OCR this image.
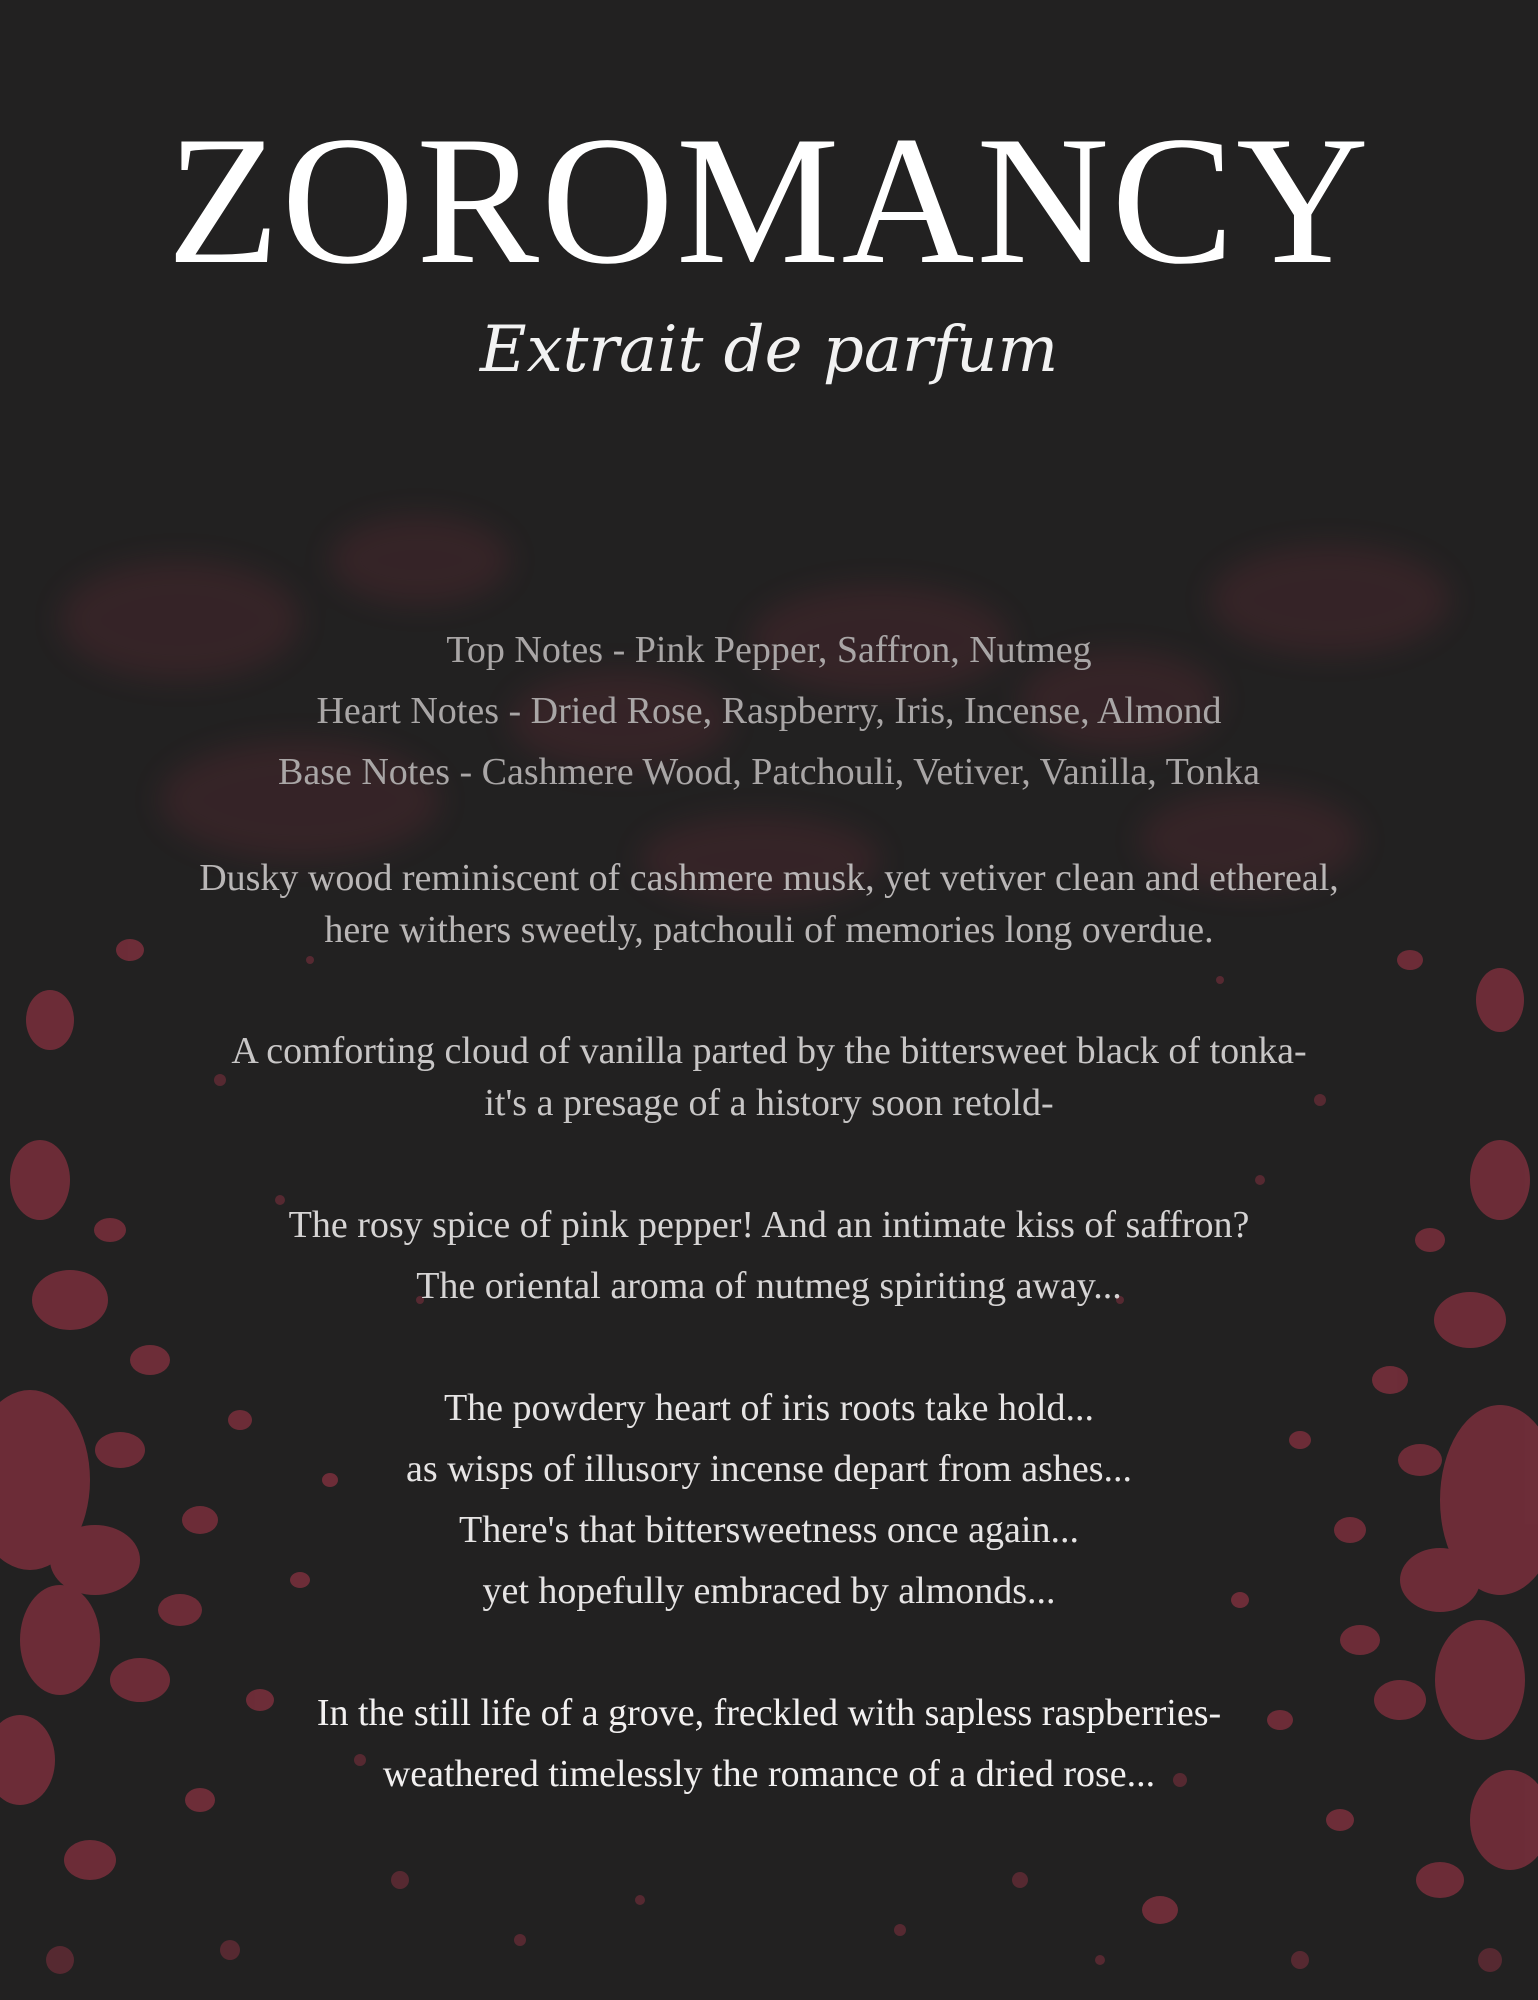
ZOROMANCY
Extrait de parfum
Top Notes - Pink Pepper, Saffron, Nutmeg
Heart Notes - Dried Rose, Raspberry, Iris, Incense, Almond
Base Notes - Cashmere Wood, Patchouli, Vetiver, Vanilla, Tonka
Dusky wood reminiscent of cashmere musk, yet vetiver clean and ethereal,
here withers sweetly, patchouli of memories long overdue.
A comforting cloud of vanilla parted by the bittersweet black of tonka-
it's a presage of a history soon retold-
The rosy spice of pink pepper! And an intimate kiss of saffron?
The oriental aroma of nutmeg spiriting away...
The powdery heart of iris roots take hold...
as wisps of illusory incense depart from ashes...
There's that bittersweetness once again...
yet hopefully embraced by almonds...
In the still life of a grove, freckled with sapless raspberries-
weathered timelessly the romance of a dried rose...
